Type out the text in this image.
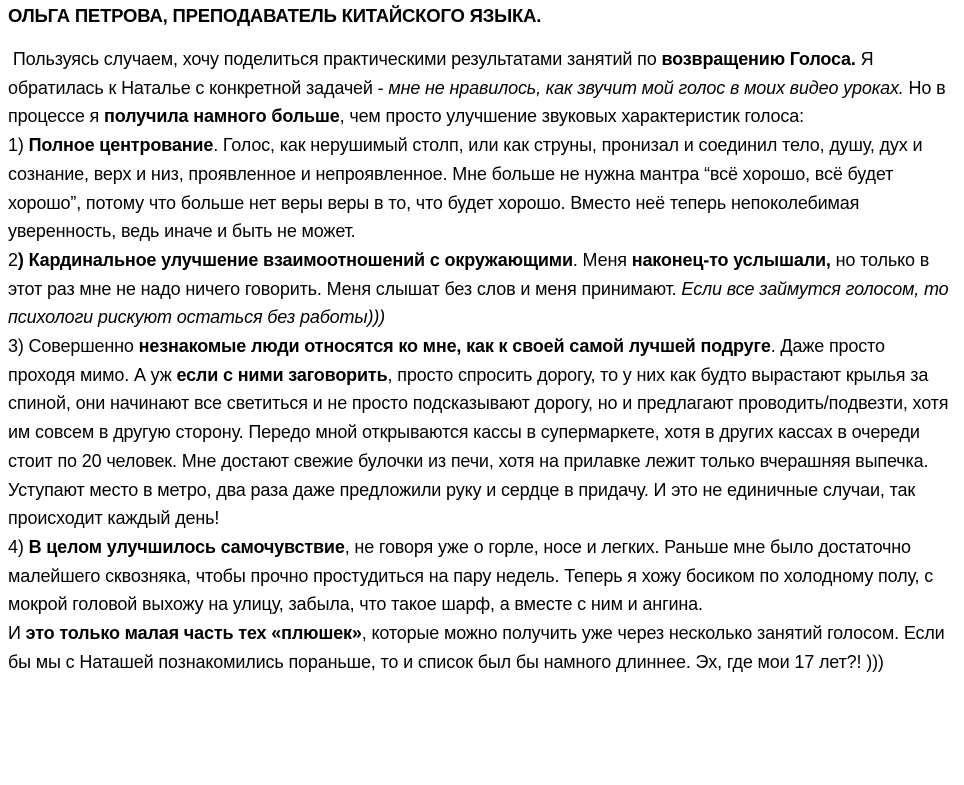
ОЛЬГА ПЕТРОВА, ПРЕПОДАВАТЕЛЬ КИТАЙСКОГО ЯЗЫКА.

Пользуясь случаем, хочу поделиться практическими результатами занятий по возвращению Голоса. Я обратилась к Наталье с конкретной задачей - мне не нравилось, как звучит мой голос в моих видео уроках. Но в процессе я получила намного больше, чем просто улучшение звуковых характеристик голоса:

1) Полное центрование. Голос, как нерушимый столп, или как струны, пронизал и соединил тело, душу, дух и сознание, верх и низ, проявленное и непроявленное. Мне больше не нужна мантра “всё хорошо, всё будет хорошо”, потому что больше нет веры веры в то, что будет хорошо. Вместо неё теперь непоколебимая уверенность, ведь иначе и быть не может.

2) Кардинальное улучшение взаимоотношений с окружающими. Меня наконец-то услышали, но только в этот раз мне не надо ничего говорить. Меня слышат без слов и меня принимают. Если все займутся голосом, то психологи рискуют остаться без работы)))

3) Совершенно незнакомые люди относятся ко мне, как к своей самой лучшей подруге. Даже просто проходя мимо. А уж если с ними заговорить, просто спросить дорогу, то у них как будто вырастают крылья за спиной, они начинают все светиться и не просто подсказывают дорогу, но и предлагают проводить/подвезти, хотя им совсем в другую сторону. Передо мной открываются кассы в супермаркете, хотя в других кассах в очереди стоит по 20 человек. Мне достают свежие булочки из печи, хотя на прилавке лежит только вчерашняя выпечка. Уступают место в метро, два раза даже предложили руку и сердце в придачу. И это не единичные случаи, так происходит каждый день!

4) В целом улучшилось самочувствие, не говоря уже о горле, носе и легких. Раньше мне было достаточно малейшего сквозняка, чтобы прочно простудиться на пару недель. Теперь я хожу босиком по холодному полу, с мокрой головой выхожу на улицу, забыла, что такое шарф, а вместе с ним и ангина.

И это только малая часть тех «плюшек», которые можно получить уже через несколько занятий голосом. Если бы мы с Наташей познакомились пораньше, то и список был бы намного длиннее. Эх, где мои 17 лет?! )))
